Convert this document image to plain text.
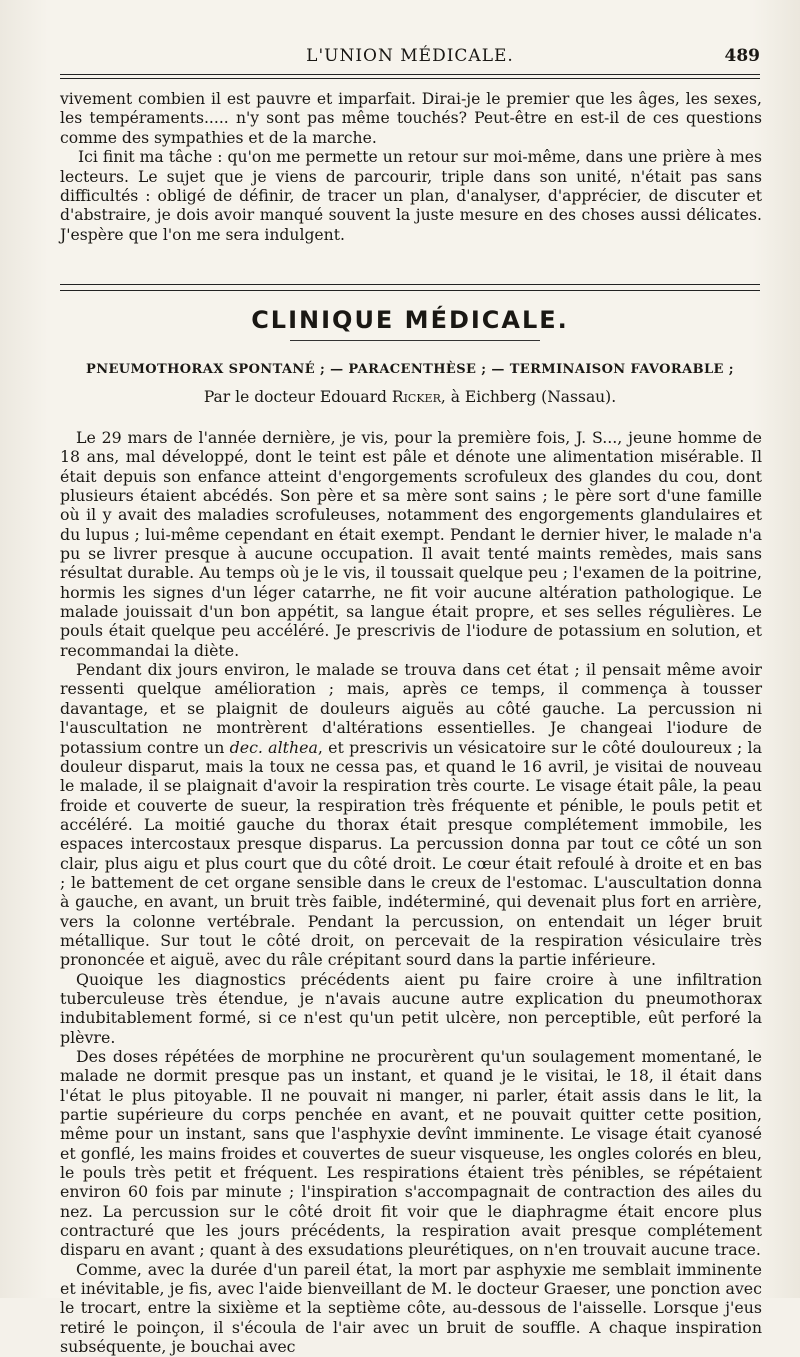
L'UNION MÉDICALE.	489

vivement combien il est pauvre et imparfait. Dirai-je le premier que les âges, les sexes, les tempéraments..... n'y sont pas même touchés? Peut-être en est-il de ces questions comme des sympathies et de la marche.

Ici finit ma tâche : qu'on me permette un retour sur moi-même, dans une prière à mes lecteurs. Le sujet que je viens de parcourir, triple dans son unité, n'était pas sans difficultés : obligé de définir, de tracer un plan, d'analyser, d'apprécier, de discuter et d'abstraire, je dois avoir manqué souvent la juste mesure en des choses aussi délicates. J'espère que l'on me sera indulgent.

CLINIQUE MÉDICALE.
PNEUMOTHORAX SPONTANÉ ; — PARACENTHÈSE ; — TERMINAISON FAVORABLE ;
Par le docteur Edouard Ricker, à Eichberg (Nassau).

Le 29 mars de l'année dernière, je vis, pour la première fois, J. S..., jeune homme de 18 ans, mal développé, dont le teint est pâle et dénote une alimentation misérable. Il était depuis son enfance atteint d'engorgements scrofuleux des glandes du cou, dont plusieurs étaient abcédés. Son père et sa mère sont sains ; le père sort d'une famille où il y avait des maladies scrofuleuses, notamment des engorgements glandulaires et du lupus ; lui-même cependant en était exempt. Pendant le dernier hiver, le malade n'a pu se livrer presque à aucune occupation. Il avait tenté maints remèdes, mais sans résultat durable. Au temps où je le vis, il toussait quelque peu ; l'examen de la poitrine, hormis les signes d'un léger catarrhe, ne fit voir aucune altération pathologique. Le malade jouissait d'un bon appétit, sa langue était propre, et ses selles régulières. Le pouls était quelque peu accéléré. Je prescrivis de l'iodure de potassium en solution, et recommandai la diète.

Pendant dix jours environ, le malade se trouva dans cet état ; il pensait même avoir ressenti quelque amélioration ; mais, après ce temps, il commença à tousser davantage, et se plaignit de douleurs aiguës au côté gauche. La percussion ni l'auscultation ne montrèrent d'altérations essentielles. Je changeai l'iodure de potassium contre un dec. althea, et prescrivis un vésicatoire sur le côté douloureux ; la douleur disparut, mais la toux ne cessa pas, et quand le 16 avril, je visitai de nouveau le malade, il se plaignait d'avoir la respiration très courte. Le visage était pâle, la peau froide et couverte de sueur, la respiration très fréquente et pénible, le pouls petit et accéléré. La moitié gauche du thorax était presque complétement immobile, les espaces intercostaux presque disparus. La percussion donna par tout ce côté un son clair, plus aigu et plus court que du côté droit. Le cœur était refoulé à droite et en bas ; le battement de cet organe sensible dans le creux de l'estomac. L'auscultation donna à gauche, en avant, un bruit très faible, indéterminé, qui devenait plus fort en arrière, vers la colonne vertébrale. Pendant la percussion, on entendait un léger bruit métallique. Sur tout le côté droit, on percevait de la respiration vésiculaire très prononcée et aiguë, avec du râle crépitant sourd dans la partie inférieure.

Quoique les diagnostics précédents aient pu faire croire à une infiltration tuberculeuse très étendue, je n'avais aucune autre explication du pneumothorax indubitablement formé, si ce n'est qu'un petit ulcère, non perceptible, eût perforé la plèvre.

Des doses répétées de morphine ne procurèrent qu'un soulagement momentané, le malade ne dormit presque pas un instant, et quand je le visitai, le 18, il était dans l'état le plus pitoyable. Il ne pouvait ni manger, ni parler, était assis dans le lit, la partie supérieure du corps penchée en avant, et ne pouvait quitter cette position, même pour un instant, sans que l'asphyxie devînt imminente. Le visage était cyanosé et gonflé, les mains froides et couvertes de sueur visqueuse, les ongles colorés en bleu, le pouls très petit et fréquent. Les respirations étaient très pénibles, se répétaient environ 60 fois par minute ; l'inspiration s'accompagnait de contraction des ailes du nez. La percussion sur le côté droit fit voir que le diaphragme était encore plus contracturé que les jours précédents, la respiration avait presque complétement disparu en avant ; quant à des exsudations pleurétiques, on n'en trouvait aucune trace.

Comme, avec la durée d'un pareil état, la mort par asphyxie me semblait imminente et inévitable, je fis, avec l'aide bienveillant de M. le docteur Graeser, une ponction avec le trocart, entre la sixième et la septième côte, au-dessous de l'aisselle. Lorsque j'eus retiré le poinçon, il s'écoula de l'air avec un bruit de souffle. A chaque inspiration subséquente, je bouchai avec
